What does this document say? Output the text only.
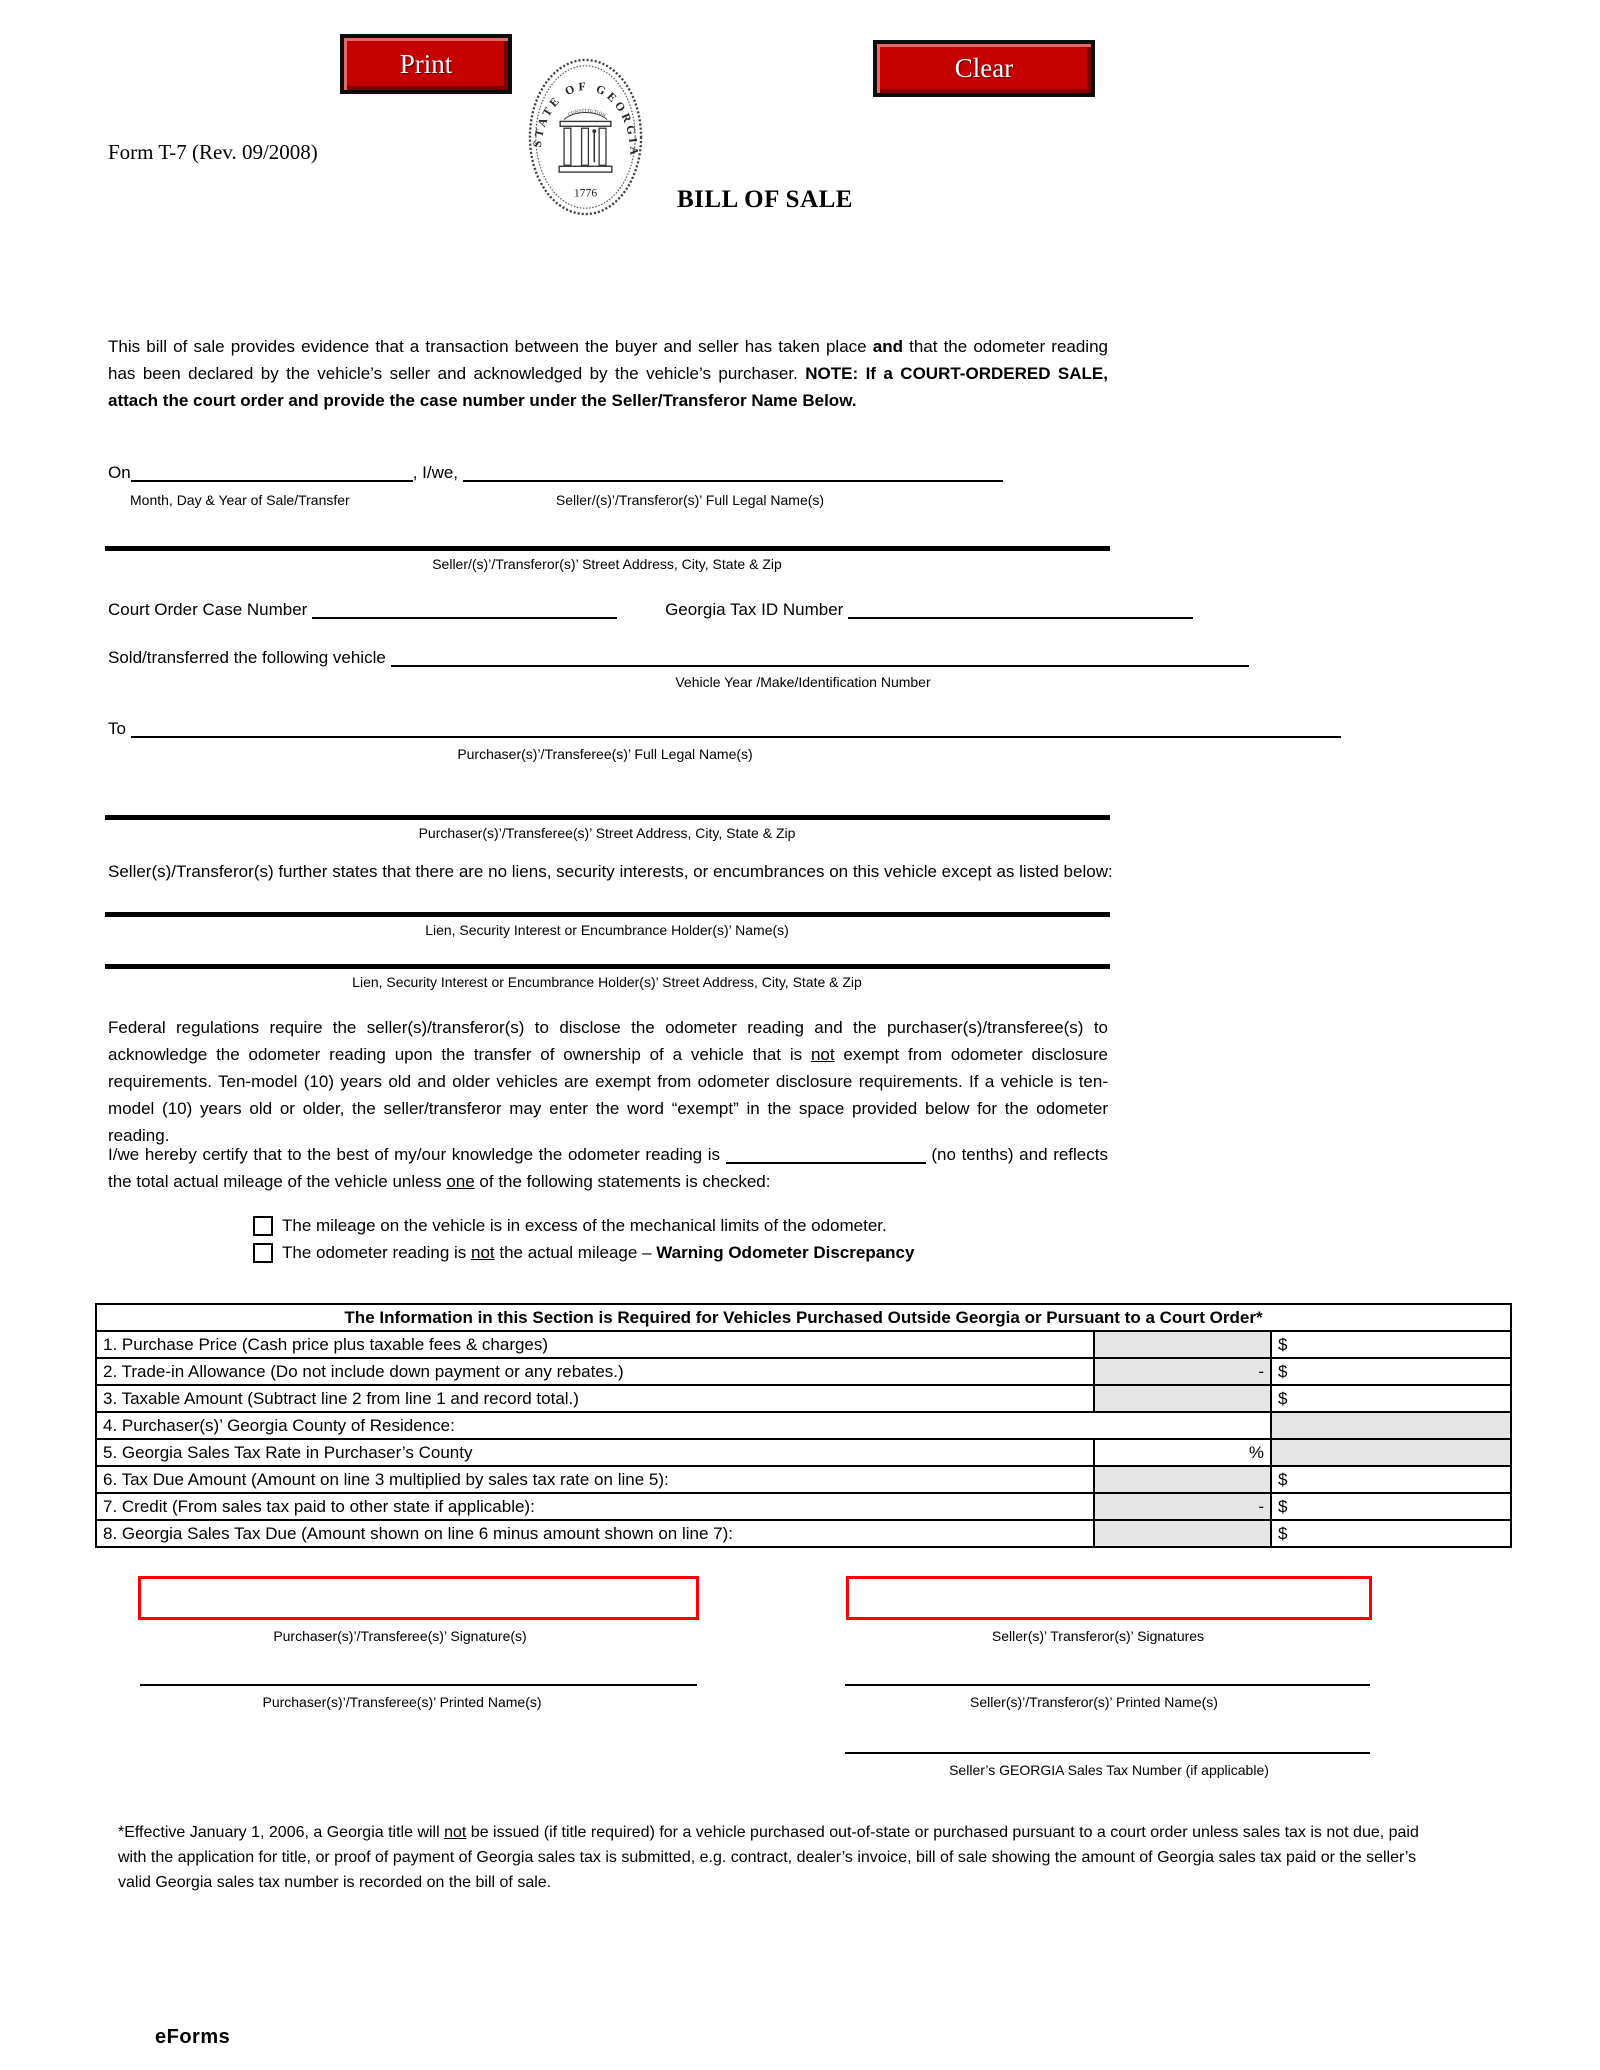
Print	Clear
STATE OF GEORGIA
CONSTITUTION
1776
Form T-7 (Rev. 09/2008)
BILL OF SALE
This bill of sale provides evidence that a transaction between the buyer and seller has taken place and that the odometer reading has been declared by the vehicle’s seller and acknowledged by the vehicle’s purchaser. NOTE: If a COURT-ORDERED SALE, attach the court order and provide the case number under the Seller/Transferor Name Below.
On	, I/we,
Month, Day & Year of Sale/Transfer	Seller/(s)’/Transferor(s)’ Full Legal Name(s)
Seller/(s)’/Transferor(s)’ Street Address, City, State & Zip
Court Order Case Number	Georgia Tax ID Number
Sold/transferred the following vehicle
Vehicle Year /Make/Identification Number
To
Purchaser(s)’/Transferee(s)’ Full Legal Name(s)
Purchaser(s)’/Transferee(s)’ Street Address, City, State & Zip
Seller(s)/Transferor(s) further states that there are no liens, security interests, or encumbrances on this vehicle except as listed below:
Lien, Security Interest or Encumbrance Holder(s)’ Name(s)
Lien, Security Interest or Encumbrance Holder(s)’ Street Address, City, State & Zip
Federal regulations require the seller(s)/transferor(s) to disclose the odometer reading and the purchaser(s)/transferee(s) to acknowledge the odometer reading upon the transfer of ownership of a vehicle that is not exempt from odometer disclosure requirements. Ten-model (10) years old and older vehicles are exempt from odometer disclosure requirements. If a vehicle is ten-model (10) years old or older, the seller/transferor may enter the word “exempt” in the space provided below for the odometer reading.
I/we hereby certify that to the best of my/our knowledge the odometer reading is	(no tenths) and reflects the total actual mileage of the vehicle unless one of the following statements is checked:
The mileage on the vehicle is in excess of the mechanical limits of the odometer.
The odometer reading is not the actual mileage – Warning Odometer Discrepancy
The Information in this Section is Required for Vehicles Purchased Outside Georgia or Pursuant to a Court Order*		
1. Purchase Price (Cash price plus taxable fees & charges)		$
2. Trade-in Allowance (Do not include down payment or any rebates.)	-	$
3. Taxable Amount (Subtract line 2 from line 1 and record total.)		$
4. Purchaser(s)’ Georgia County of Residence:		
5. Georgia Sales Tax Rate in Purchaser’s County	%	
6. Tax Due Amount (Amount on line 3 multiplied by sales tax rate on line 5):		$
7. Credit (From sales tax paid to other state if applicable):	-	$
8. Georgia Sales Tax Due (Amount shown on line 6 minus amount shown on line 7):		$
Purchaser(s)’/Transferee(s)’ Signature(s)	Seller(s)’ Transferor(s)’ Signatures
Purchaser(s)’/Transferee(s)’ Printed Name(s)	Seller(s)’/Transferor(s)’ Printed Name(s)
Seller’s GEORGIA Sales Tax Number (if applicable)
*Effective January 1, 2006, a Georgia title will not be issued (if title required) for a vehicle purchased out-of-state or purchased pursuant to a court order unless sales tax is not due, paid with the application for title, or proof of payment of Georgia sales tax is submitted, e.g. contract, dealer’s invoice, bill of sale showing the amount of Georgia sales tax paid or the seller’s valid Georgia sales tax number is recorded on the bill of sale.
eForms
